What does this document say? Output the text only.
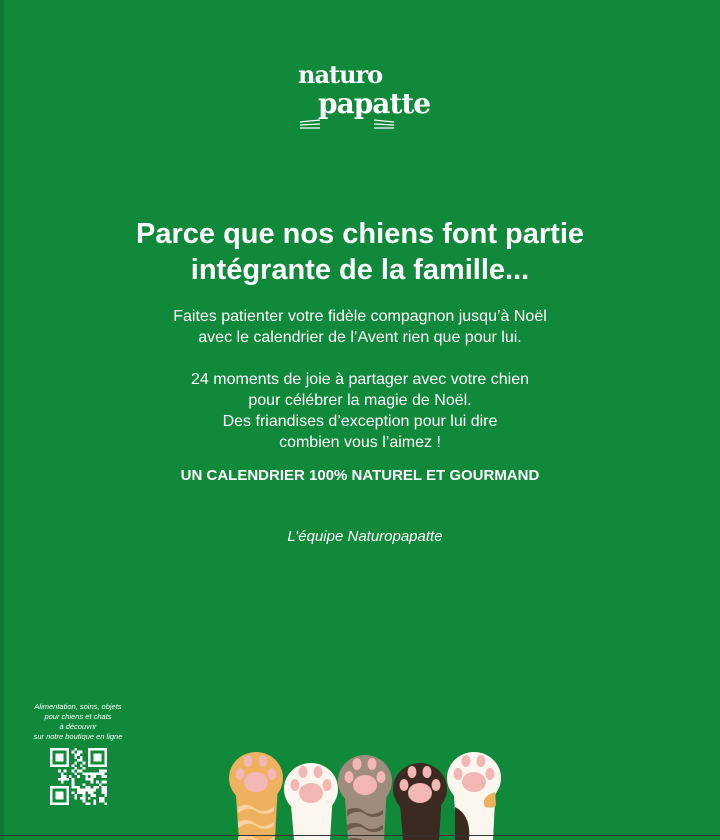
naturo
papatte
Parce que nos chiens font partie
intégrante de la famille...
Faites patienter votre fidèle compagnon jusqu’à Noël
avec le calendrier de l’Avent rien que pour lui.
24 moments de joie à partager avec votre chien
pour célébrer la magie de Noël.
Des friandises d’exception pour lui dire
combien vous l’aimez !
UN CALENDRIER 100% NATUREL ET GOURMAND
L’équipe Naturopapatte
Alimentation, soins, objets
pour chiens et chats
à découvrir
sur notre boutique en ligne
